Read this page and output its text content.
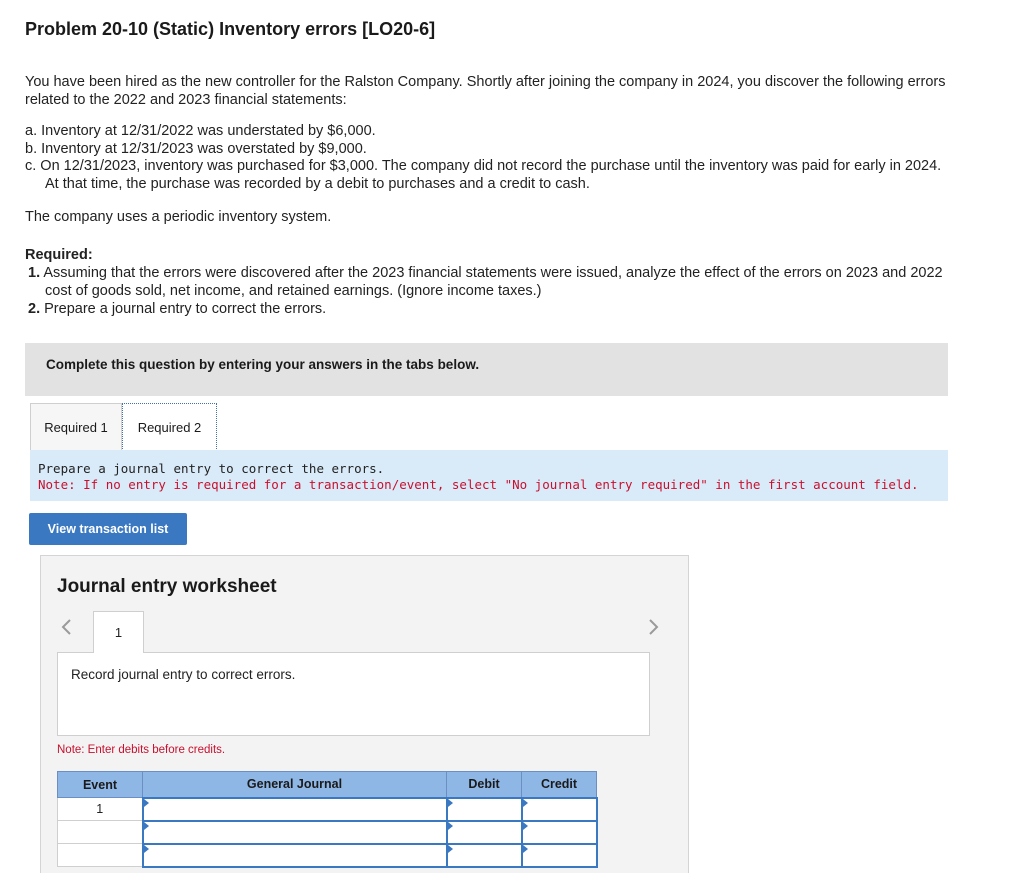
Problem 20-10 (Static) Inventory errors [LO20-6]

You have been hired as the new controller for the Ralston Company. Shortly after joining the company in 2024, you discover the following errors related to the 2022 and 2023 financial statements:

a. Inventory at 12/31/2022 was understated by $6,000.
b. Inventory at 12/31/2023 was overstated by $9,000.
c. On 12/31/2023, inventory was purchased for $3,000. The company did not record the purchase until the inventory was paid for early in 2024. At that time, the purchase was recorded by a debit to purchases and a credit to cash.

The company uses a periodic inventory system.

Required:

1. Assuming that the errors were discovered after the 2023 financial statements were issued, analyze the effect of the errors on 2023 and 2022 cost of goods sold, net income, and retained earnings. (Ignore income taxes.)
2. Prepare a journal entry to correct the errors.
Complete this question by entering your answers in the tabs below.
Required 1 Required 2
Prepare a journal entry to correct the errors.
Note: If no entry is required for a transaction/event, select "No journal entry required" in the first account field.
View transaction list
Journal entry worksheet
1
Record journal entry to correct errors.
Note: Enter debits before credits.
Event	General Journal	Debit	Credit
1			
